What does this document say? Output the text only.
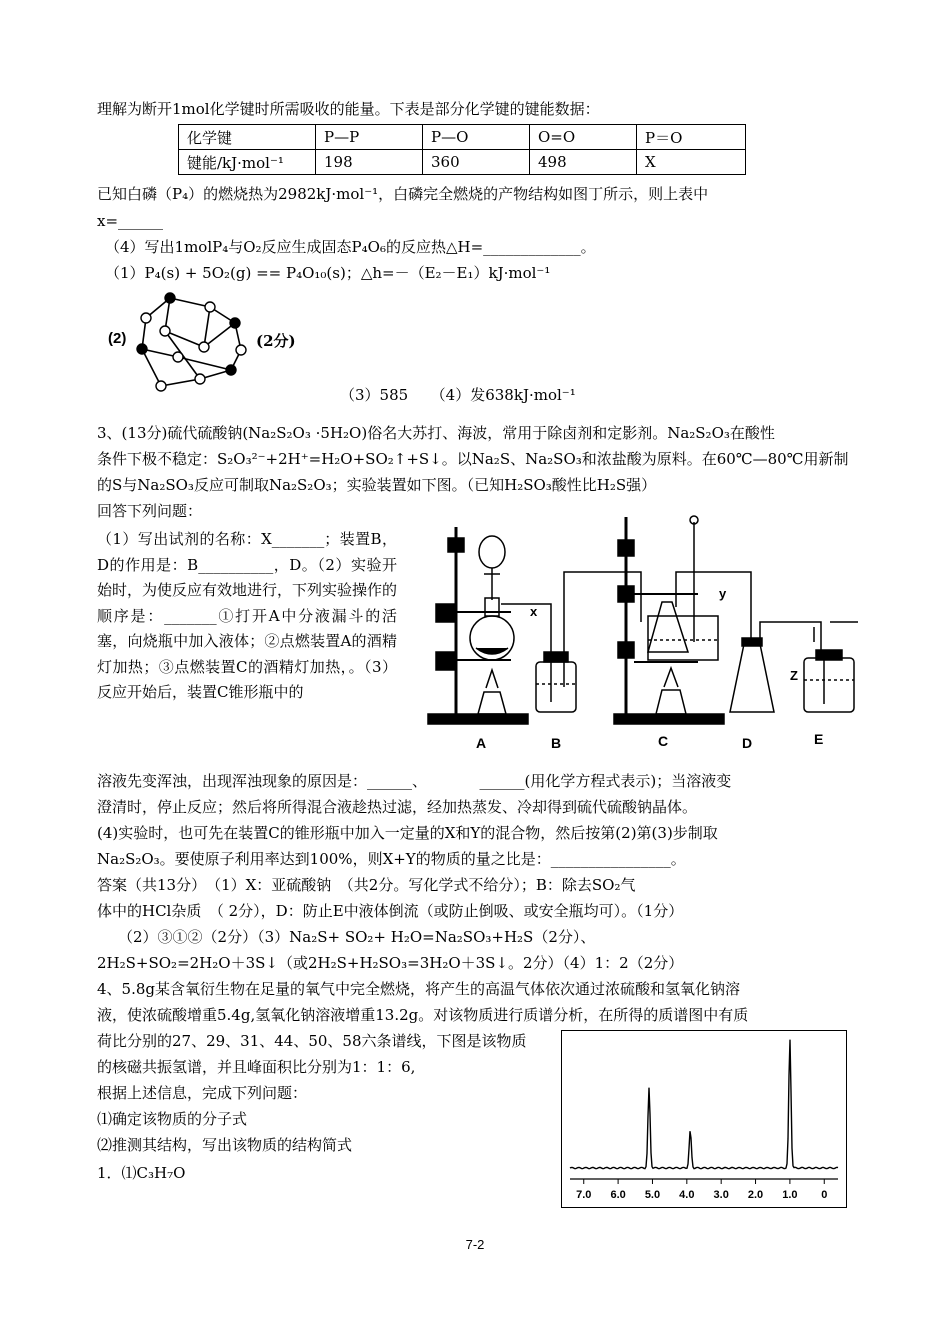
理解为断开1mol化学键时所需吸收的能量。下表是部分化学键的键能数据：
化学键	P—P	P—O	O=O	P＝O
键能/kJ·mol⁻¹	198	360	498	X
已知白磷（P₄）的燃烧热为2982kJ·mol⁻¹，白磷完全燃烧的产物结构如图丁所示，则上表中
x=______
（4）写出1molP₄与O₂反应生成固态P₄O₆的反应热△H=_____________。
（1）P₄(s) + 5O₂(g) == P₄O₁₀(s)；△h=－（E₂－E₁）kJ·mol⁻¹
(2)	(2分)
（3）585　　（4）发638kJ·mol⁻¹
3、(13分)硫代硫酸钠(Na₂S₂O₃ ·5H₂O)俗名大苏打、海波，常用于除卤剂和定影剂。Na₂S₂O₃在酸性
条件下极不稳定：S₂O₃²⁻+2H⁺=H₂O+SO₂↑+S↓。以Na₂S、Na₂SO₃和浓盐酸为原料。在60℃—80℃用新制
的S与Na₂SO₃反应可制取Na₂S₂O₃；实验装置如下图。（已知H₂SO₃酸性比H₂S强）
回答下列问题：
（1）写出试剂的名称：X_______；装置B，D的作用是：B__________，D。（2）实验开始时，为使反应有效地进行，下列实验操作的顺序是：_______①打开A中分液漏斗的活塞，向烧瓶中加入液体；②点燃装置A的酒精灯加热；③点燃装置C的酒精灯加热，。（3）反应开始后，装置C锥形瓶中的
A	B	C	D	E
x
y
Z
溶液先变浑浊，出现浑浊现象的原因是：______、　　　　______(用化学方程式表示)；当溶液变
澄清时，停止反应；然后将所得混合液趁热过滤，经加热蒸发、冷却得到硫代硫酸钠晶体。
(4)实验时，也可先在装置C的锥形瓶中加入一定量的X和Y的混合物，然后按第(2)第(3)步制取
Na₂S₂O₃。要使原子利用率达到100%，则X+Y的物质的量之比是：________________。
答案（共13分）　（1）X：亚硫酸钠　（共2分。写化学式不给分）；B：除去SO₂气
体中的HCl杂质　（ 2分），D：防止E中液体倒流（或防止倒吸、或安全瓶均可）。（1分）
（2）③①②（2分）（3）Na₂S+ SO₂+ H₂O=Na₂SO₃+H₂S（2分）、
2H₂S+SO₂=2H₂O＋3S↓（或2H₂S+H₂SO₃=3H₂O＋3S↓。2分）（4）1：2（2分）
4、5.8g某含氧衍生物在足量的氧气中完全燃烧，将产生的高温气体依次通过浓硫酸和氢氧化钠溶
液，使浓硫酸增重5.4g,氢氧化钠溶液增重13.2g。对该物质进行质谱分析，在所得的质谱图中有质
荷比分别的27、29、31、44、50、58六条谱线，下图是该物质
的核磁共振氢谱，并且峰面积比分别为1：1：6,
根据上述信息，完成下列问题：
⑴确定该物质的分子式
⑵推测其结构，写出该物质的结构简式
1．⑴C₃H₇O
7.0 6.0 5.0 4.0 3.0 2.0 1.0 0
7-2
